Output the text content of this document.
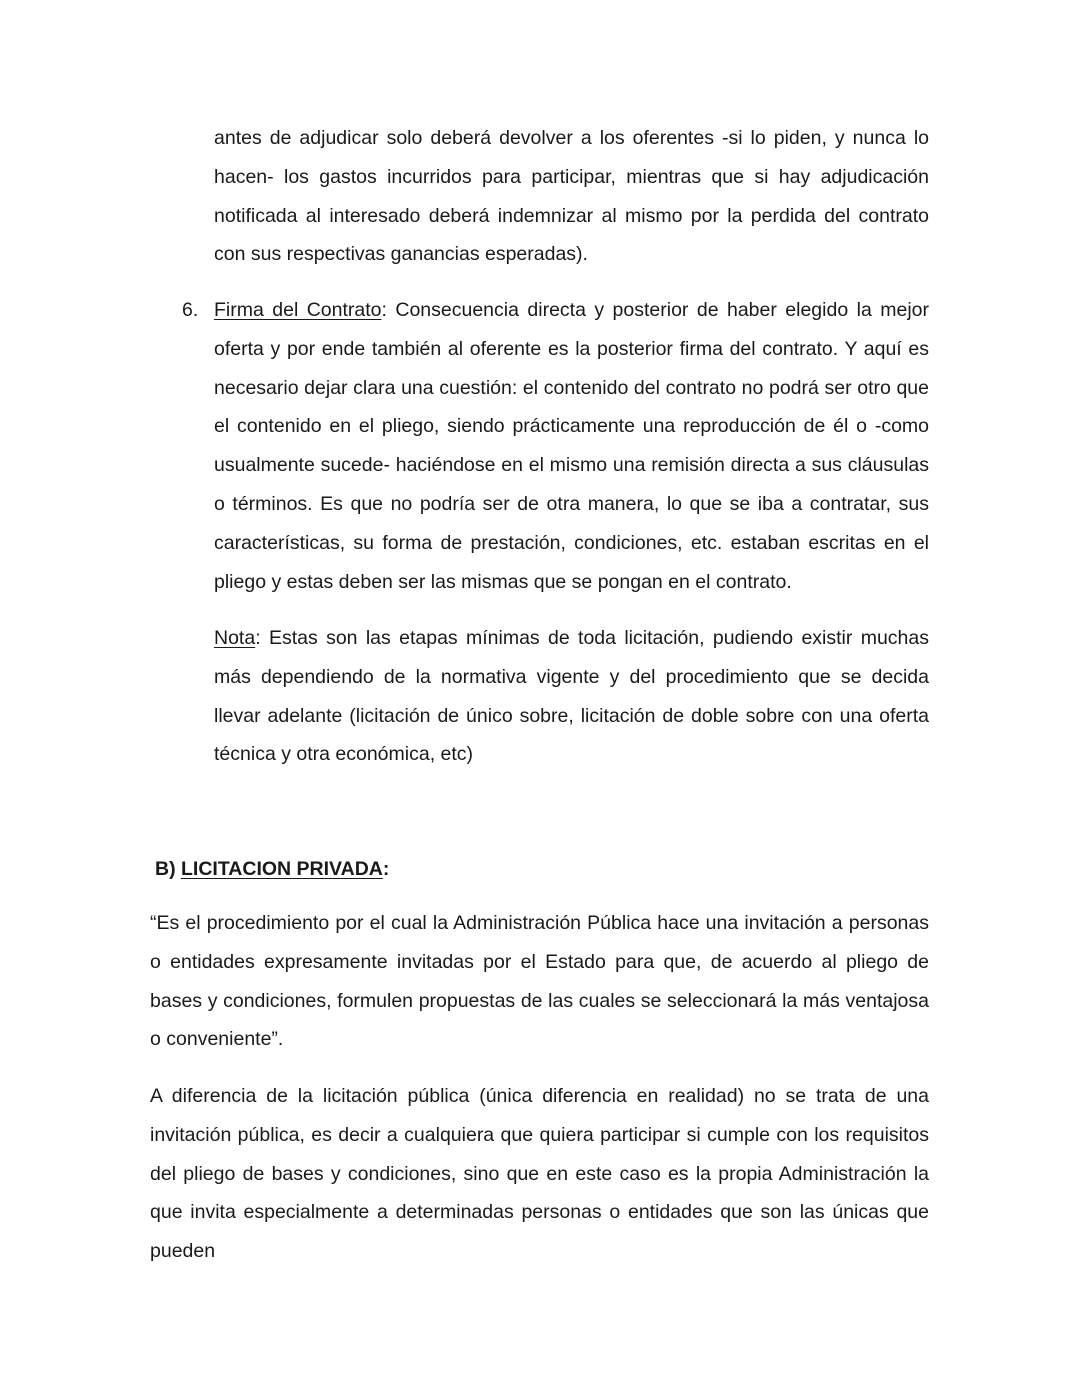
antes de adjudicar solo deberá devolver a los oferentes -si lo piden, y nunca lo hacen- los gastos incurridos para participar, mientras que si hay adjudicación notificada al interesado deberá indemnizar al mismo por la perdida del contrato con sus respectivas ganancias esperadas).

6. Firma del Contrato: Consecuencia directa y posterior de haber elegido la mejor oferta y por ende también al oferente es la posterior firma del contrato. Y aquí es necesario dejar clara una cuestión: el contenido del contrato no podrá ser otro que el contenido en el pliego, siendo prácticamente una reproducción de él o -como usualmente sucede- haciéndose en el mismo una remisión directa a sus cláusulas o términos. Es que no podría ser de otra manera, lo que se iba a contratar, sus características, su forma de prestación, condiciones, etc. estaban escritas en el pliego y estas deben ser las mismas que se pongan en el contrato.

Nota: Estas son las etapas mínimas de toda licitación, pudiendo existir muchas más dependiendo de la normativa vigente y del procedimiento que se decida llevar adelante (licitación de único sobre, licitación de doble sobre con una oferta técnica y otra económica, etc)

B) LICITACION PRIVADA:

“Es el procedimiento por el cual la Administración Pública hace una invitación a personas o entidades expresamente invitadas por el Estado para que, de acuerdo al pliego de bases y condiciones, formulen propuestas de las cuales se seleccionará la más ventajosa o conveniente”.

A diferencia de la licitación pública (única diferencia en realidad) no se trata de una invitación pública, es decir a cualquiera que quiera participar si cumple con los requisitos del pliego de bases y condiciones, sino que en este caso es la propia Administración la que invita especialmente a determinadas personas o entidades que son las únicas que pueden
